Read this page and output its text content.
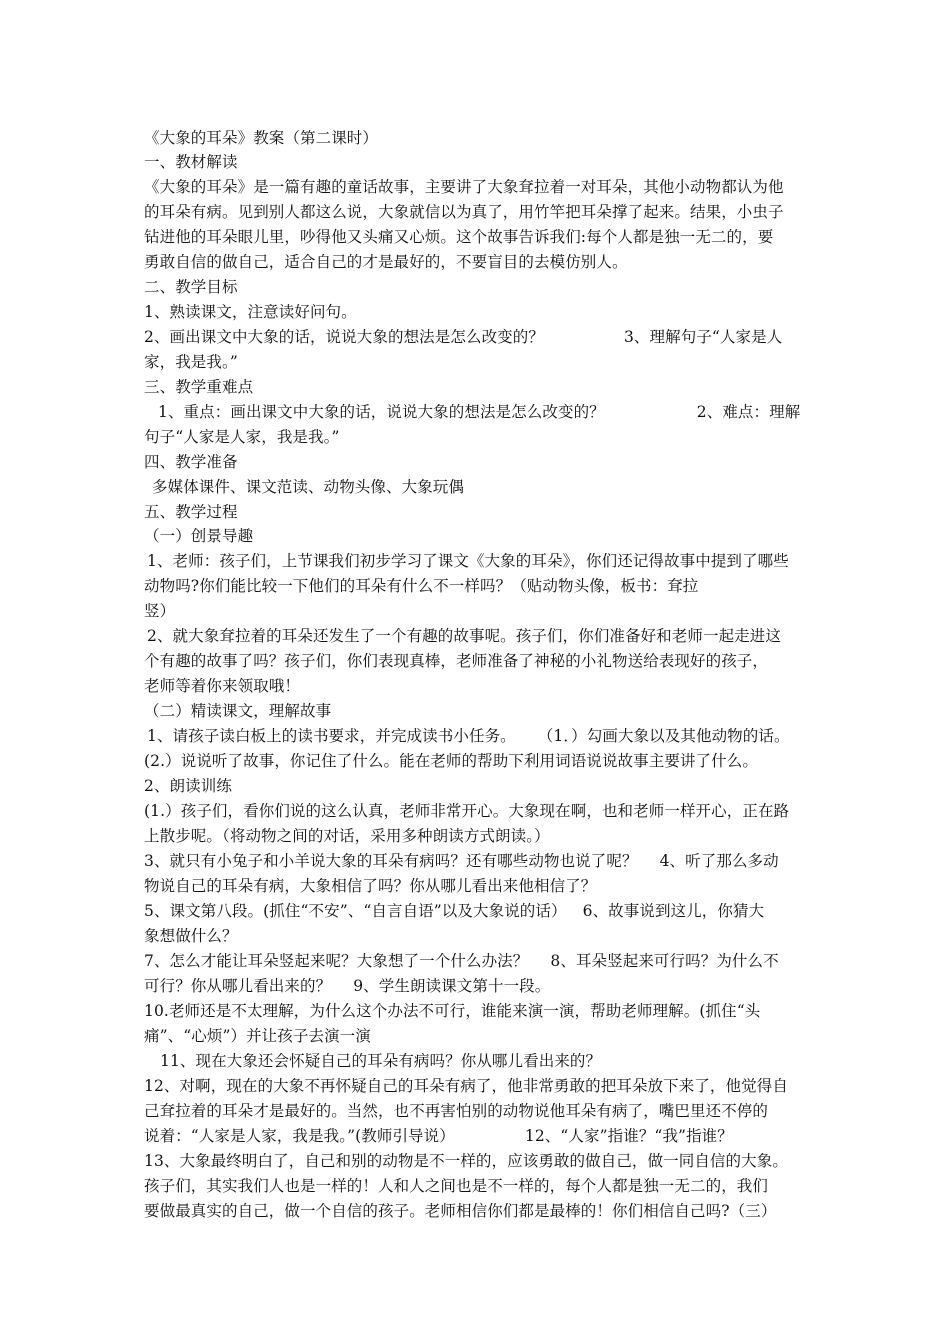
《大象的耳朵》教案（第二课时）
一、教材解读
《大象的耳朵》是一篇有趣的童话故事，主要讲了大象耷拉着一对耳朵，其他小动物都认为他
的耳朵有病。见到别人都这么说，大象就信以为真了，用竹竿把耳朵撑了起来。结果，小虫子
钻进他的耳朵眼儿里，吵得他又头痛又心烦。这个故事告诉我们:每个人都是独一无二的，要
勇敢自信的做自己，适合自己的才是最好的，不要盲目的去模仿别人。
二、教学目标
1、熟读课文，注意读好问句。
2、画出课文中大象的话，说说大象的想法是怎么改变的？	3、理解句子“人家是人
家，我是我。”
三、教学重难点
1、重点：画出课文中大象的话，说说大象的想法是怎么改变的？	2、难点：理解
句子“人家是人家，我是我。”
四、教学准备
多媒体课件、课文范读、动物头像、大象玩偶
五、教学过程
（一）创景导趣
1、老师：孩子们，上节课我们初步学习了课文《大象的耳朵》，你们还记得故事中提到了哪些
动物吗?你们能比较一下他们的耳朵有什么不一样吗？（贴动物头像，板书：耷拉
竖）
2、就大象耷拉着的耳朵还发生了一个有趣的故事呢。孩子们，你们准备好和老师一起走进这
个有趣的故事了吗？孩子们，你们表现真棒，老师准备了神秘的小礼物送给表现好的孩子，
老师等着你来领取哦！
（二）精读课文，理解故事
1、请孩子读白板上的读书要求，并完成读书小任务。 （1．）勾画大象以及其他动物的话。
(2.）说说听了故事，你记住了什么。能在老师的帮助下利用词语说说故事主要讲了什么。
2、朗读训练
(1.）孩子们，看你们说的这么认真，老师非常开心。大象现在啊，也和老师一样开心，正在路
上散步呢。（将动物之间的对话，采用多种朗读方式朗读。）
3、就只有小兔子和小羊说大象的耳朵有病吗？还有哪些动物也说了呢？ 4、听了那么多动
物说自己的耳朵有病，大象相信了吗？你从哪儿看出来他相信了？
5、课文第八段。(抓住“不安”、“自言自语”以及大象说的话） 6、故事说到这儿，你猜大
象想做什么？
7、怎么才能让耳朵竖起来呢？大象想了一个什么办法？ 8、耳朵竖起来可行吗？为什么不
可行？你从哪儿看出来的？ 9、学生朗读课文第十一段。
10.老师还是不太理解，为什么这个办法不可行，谁能来演一演，帮助老师理解。(抓住“头
痛”、“心烦”）并让孩子去演一演
11、现在大象还会怀疑自己的耳朵有病吗？你从哪儿看出来的？
12、对啊，现在的大象不再怀疑自己的耳朵有病了，他非常勇敢的把耳朵放下来了，他觉得自
己耷拉着的耳朵才是最好的。当然，也不再害怕别的动物说他耳朵有病了，嘴巴里还不停的
说着：“人家是人家，我是我。”(教师引导说）	12、“人家”指谁？“我”指谁？
13、大象最终明白了，自己和别的动物是不一样的，应该勇敢的做自己，做一同自信的大象。
孩子们，其实我们人也是一样的！人和人之间也是不一样的，每个人都是独一无二的，我们
要做最真实的自己，做一个自信的孩子。老师相信你们都是最棒的！你们相信自己吗?（三）
